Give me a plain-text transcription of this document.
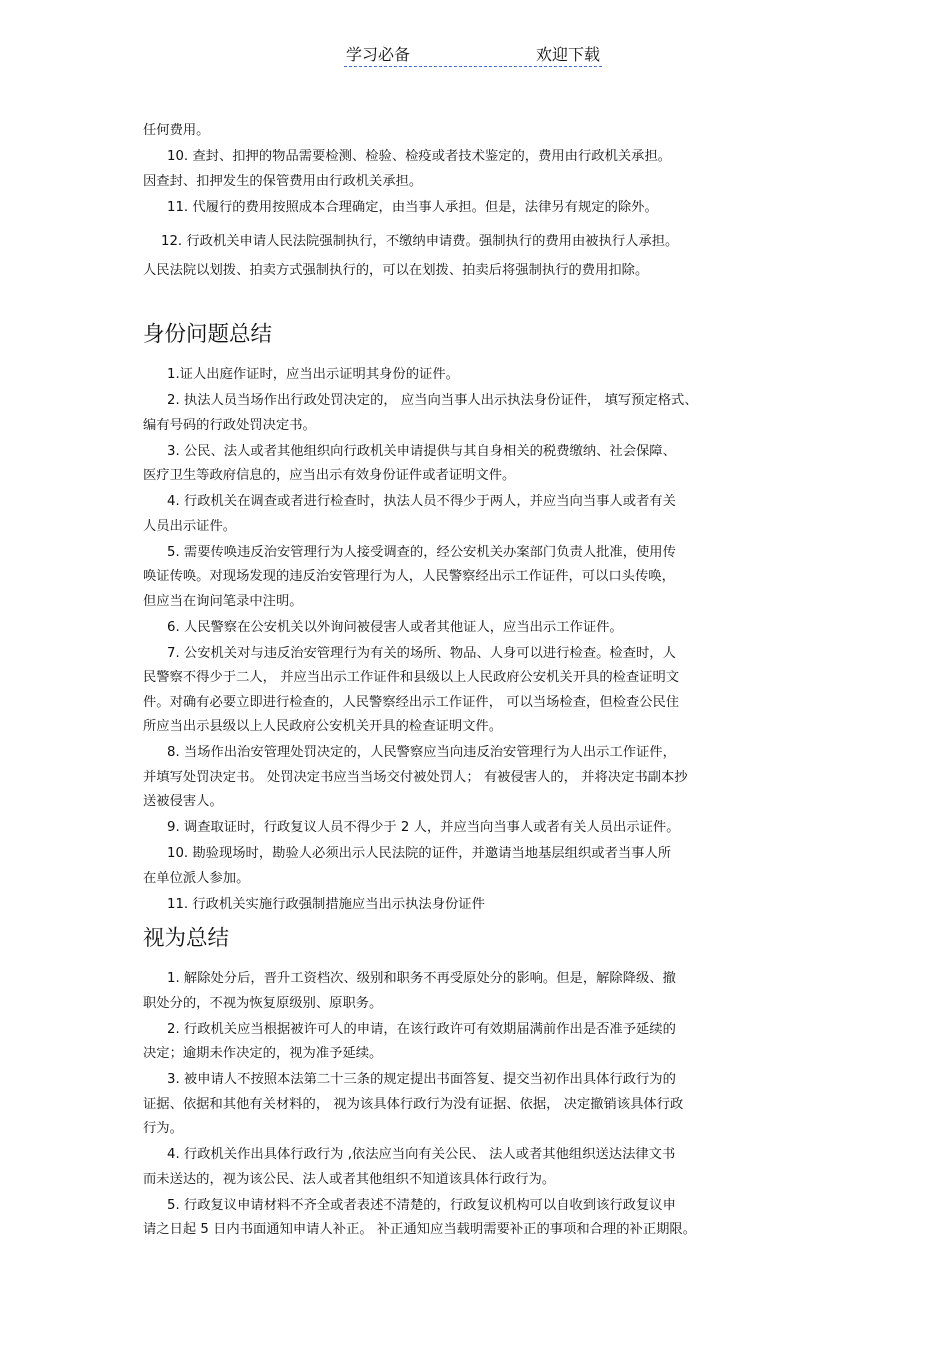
学习必备	欢迎下载

任何费用。

10. 查封、扣押的物品需要检测、检验、检疫或者技术鉴定的，费用由行政机关承担。

因查封、扣押发生的保管费用由行政机关承担。

11. 代履行的费用按照成本合理确定，由当事人承担。但是，法律另有规定的除外。

12. 行政机关申请人民法院强制执行，不缴纳申请费。强制执行的费用由被执行人承担。

人民法院以划拨、拍卖方式强制执行的，可以在划拨、拍卖后将强制执行的费用扣除。

身份问题总结

1.证人出庭作证时，应当出示证明其身份的证件。

2. 执法人员当场作出行政处罚决定的， 应当向当事人出示执法身份证件， 填写预定格式、

编有号码的行政处罚决定书。

3. 公民、法人或者其他组织向行政机关申请提供与其自身相关的税费缴纳、社会保障、

医疗卫生等政府信息的，应当出示有效身份证件或者证明文件。

4. 行政机关在调查或者进行检查时，执法人员不得少于两人，并应当向当事人或者有关

人员出示证件。

5. 需要传唤违反治安管理行为人接受调查的，经公安机关办案部门负责人批准，使用传

唤证传唤。对现场发现的违反治安管理行为人，人民警察经出示工作证件，可以口头传唤，

但应当在询问笔录中注明。

6. 人民警察在公安机关以外询问被侵害人或者其他证人，应当出示工作证件。

7. 公安机关对与违反治安管理行为有关的场所、物品、人身可以进行检查。检查时，人

民警察不得少于二人， 并应当出示工作证件和县级以上人民政府公安机关开具的检查证明文

件。对确有必要立即进行检查的，人民警察经出示工作证件， 可以当场检查，但检查公民住

所应当出示县级以上人民政府公安机关开具的检查证明文件。

8. 当场作出治安管理处罚决定的，人民警察应当向违反治安管理行为人出示工作证件，

并填写处罚决定书。 处罚决定书应当当场交付被处罚人； 有被侵害人的， 并将决定书副本抄

送被侵害人。

9. 调查取证时，行政复议人员不得少于 2 人，并应当向当事人或者有关人员出示证件。

10. 勘验现场时，勘验人必须出示人民法院的证件，并邀请当地基层组织或者当事人所

在单位派人参加。

11. 行政机关实施行政强制措施应当出示执法身份证件

视为总结

1. 解除处分后，晋升工资档次、级别和职务不再受原处分的影响。但是，解除降级、撤

职处分的，不视为恢复原级别、原职务。

2. 行政机关应当根据被许可人的申请，在该行政许可有效期届满前作出是否准予延续的

决定；逾期未作决定的，视为准予延续。

3. 被申请人不按照本法第二十三条的规定提出书面答复、提交当初作出具体行政行为的

证据、依据和其他有关材料的， 视为该具体行政行为没有证据、依据， 决定撤销该具体行政

行为。

4. 行政机关作出具体行政行为 ,依法应当向有关公民、 法人或者其他组织送达法律文书

而未送达的，视为该公民、法人或者其他组织不知道该具体行政行为。

5. 行政复议申请材料不齐全或者表述不清楚的，行政复议机构可以自收到该行政复议申

请之日起 5 日内书面通知申请人补正。 补正通知应当载明需要补正的事项和合理的补正期限。
